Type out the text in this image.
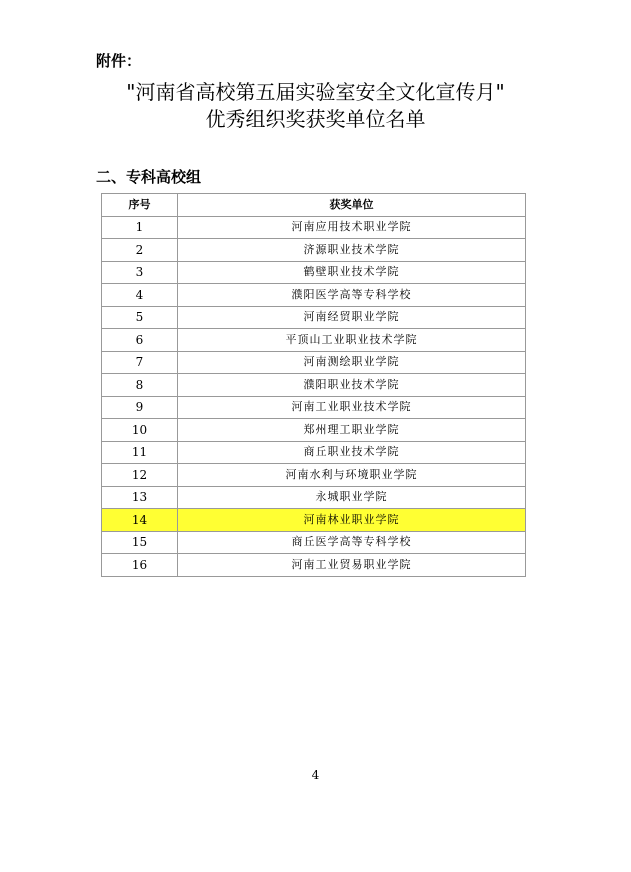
附件：
"河南省高校第五届实验室安全文化宣传月"
优秀组织奖获奖单位名单
二、专科高校组
序号	获奖单位
1	河南应用技术职业学院
2	济源职业技术学院
3	鹤壁职业技术学院
4	濮阳医学高等专科学校
5	河南经贸职业学院
6	平顶山工业职业技术学院
7	河南测绘职业学院
8	濮阳职业技术学院
9	河南工业职业技术学院
10	郑州理工职业学院
11	商丘职业技术学院
12	河南水利与环境职业学院
13	永城职业学院
14	河南林业职业学院
15	商丘医学高等专科学校
16	河南工业贸易职业学院
4
